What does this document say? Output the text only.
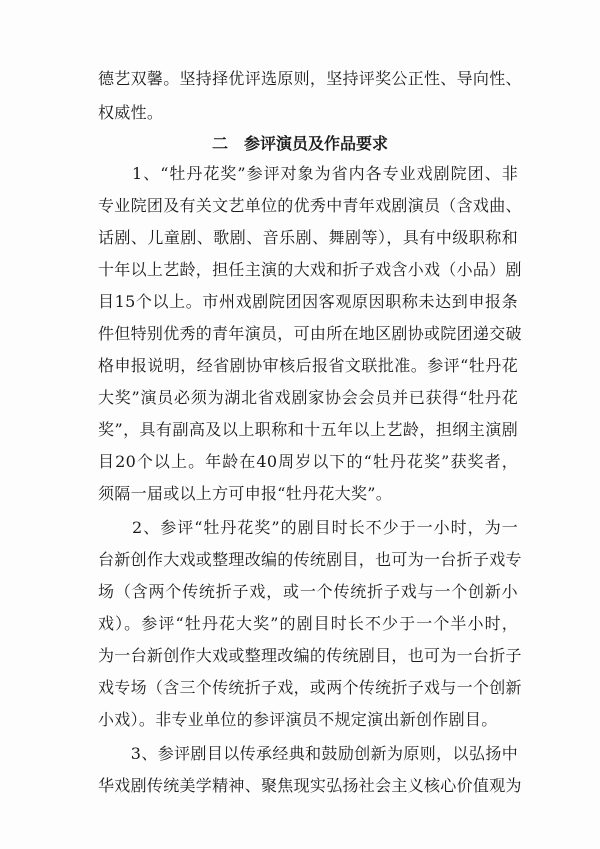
德艺双馨。坚持择优评选原则，坚持评奖公正性、导向性、
权威性。
二　参评演员及作品要求
　　1、“牡丹花奖”参评对象为省内各专业戏剧院团、非
专业院团及有关文艺单位的优秀中青年戏剧演员（含戏曲、
话剧、儿童剧、歌剧、音乐剧、舞剧等），具有中级职称和
十年以上艺龄，担任主演的大戏和折子戏含小戏（小品）剧
目15个以上。市州戏剧院团因客观原因职称未达到申报条
件但特别优秀的青年演员，可由所在地区剧协或院团递交破
格申报说明，经省剧协审核后报省文联批准。参评“牡丹花
大奖”演员必须为湖北省戏剧家协会会员并已获得“牡丹花
奖”，具有副高及以上职称和十五年以上艺龄，担纲主演剧
目20个以上。年龄在40周岁以下的“牡丹花奖”获奖者，
须隔一届或以上方可申报“牡丹花大奖”。
　　2、参评“牡丹花奖”的剧目时长不少于一小时，为一
台新创作大戏或整理改编的传统剧目，也可为一台折子戏专
场（含两个传统折子戏，或一个传统折子戏与一个创新小
戏）。参评“牡丹花大奖”的剧目时长不少于一个半小时，
为一台新创作大戏或整理改编的传统剧目，也可为一台折子
戏专场（含三个传统折子戏，或两个传统折子戏与一个创新
小戏）。非专业单位的参评演员不规定演出新创作剧目。
　　3、参评剧目以传承经典和鼓励创新为原则，以弘扬中
华戏剧传统美学精神、聚焦现实弘扬社会主义核心价值观为
